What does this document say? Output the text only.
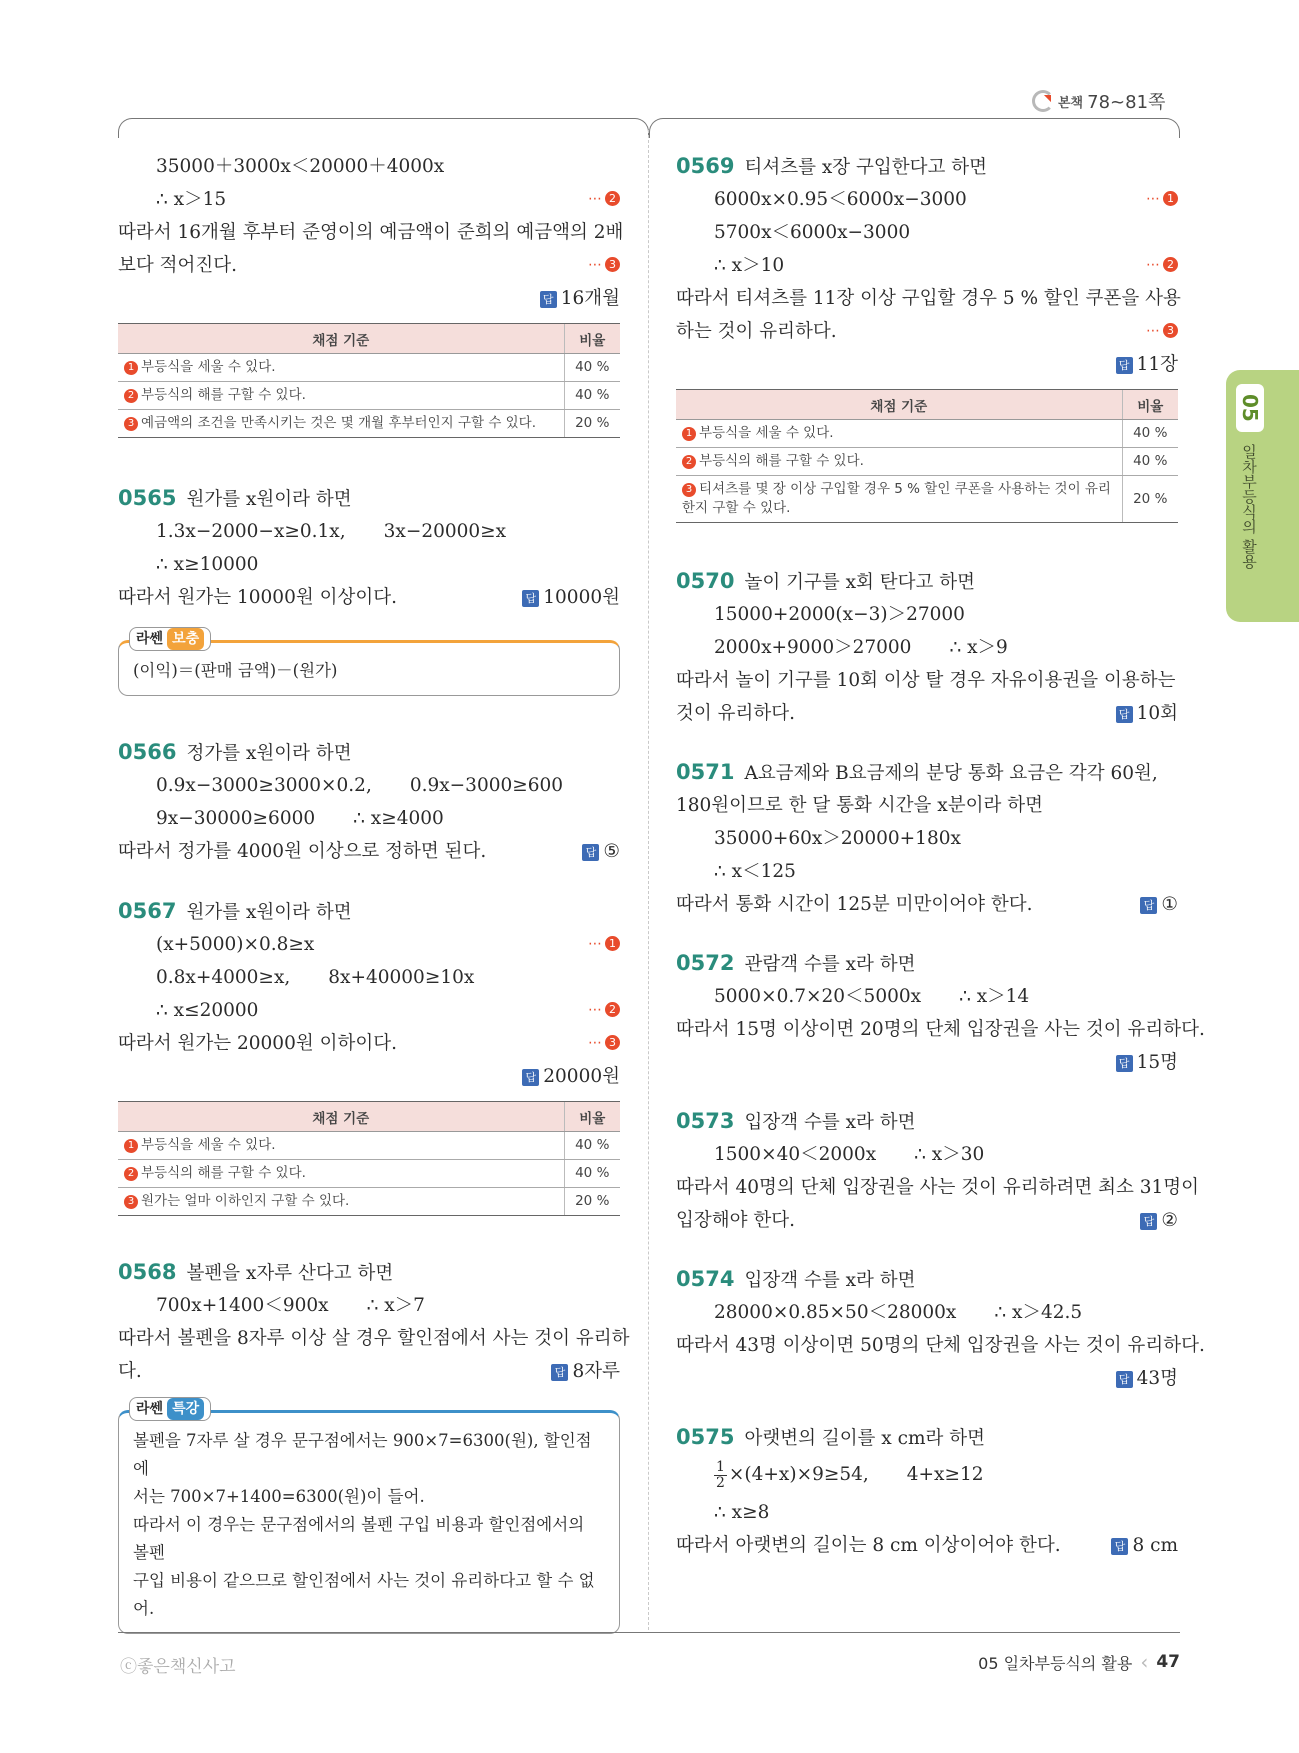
본책 78~81쪽
35000＋3000x＜20000＋4000x
∴ x＞15	⋯ 2
따라서 16개월 후부터 준영이의 예금액이 준희의 예금액의 2배
보다 적어진다.	⋯ 3
답 16개월
채점 기준	비율
1 부등식을 세울 수 있다.	40 %
2 부등식의 해를 구할 수 있다.	40 %
3 예금액의 조건을 만족시키는 것은 몇 개월 후부터인지 구할 수 있다.	20 %
0565 원가를 x원이라 하면
1.3x−2000−x≥0.1x, 3x−20000≥x
∴ x≥10000
따라서 원가는 10000원 이상이다.	답 10000원
라쎈 보충
(이익)＝(판매 금액)－(원가)
0566 정가를 x원이라 하면
0.9x−3000≥3000×0.2, 0.9x−3000≥600
9x−30000≥6000 ∴ x≥4000
따라서 정가를 4000원 이상으로 정하면 된다.	답 ⑤
0567 원가를 x원이라 하면
(x+5000)×0.8≥x	⋯ 1
0.8x+4000≥x, 8x+40000≥10x
∴ x≤20000	⋯ 2
따라서 원가는 20000원 이하이다.	⋯ 3
답 20000원
채점 기준	비율
1 부등식을 세울 수 있다.	40 %
2 부등식의 해를 구할 수 있다.	40 %
3 원가는 얼마 이하인지 구할 수 있다.	20 %
0568 볼펜을 x자루 산다고 하면
700x+1400＜900x ∴ x＞7
따라서 볼펜을 8자루 이상 살 경우 할인점에서 사는 것이 유리하
다.	답 8자루
라쎈 특강
볼펜을 7자루 살 경우 문구점에서는 900×7=6300(원), 할인점에
서는 700×7+1400=6300(원)이 들어.
따라서 이 경우는 문구점에서의 볼펜 구입 비용과 할인점에서의 볼펜
구입 비용이 같으므로 할인점에서 사는 것이 유리하다고 할 수 없어.
0569 티셔츠를 x장 구입한다고 하면
6000x×0.95＜6000x−3000	⋯ 1
5700x＜6000x−3000
∴ x＞10	⋯ 2
따라서 티셔츠를 11장 이상 구입할 경우 5 % 할인 쿠폰을 사용
하는 것이 유리하다.	⋯ 3
답 11장
채점 기준	비율
1 부등식을 세울 수 있다.	40 %
2 부등식의 해를 구할 수 있다.	40 %
3 티셔츠를 몇 장 이상 구입할 경우 5 % 할인 쿠폰을 사용하는 것이 유리한지 구할 수 있다.	20 %
0570 놀이 기구를 x회 탄다고 하면
15000+2000(x−3)＞27000
2000x+9000＞27000 ∴ x＞9
따라서 놀이 기구를 10회 이상 탈 경우 자유이용권을 이용하는
것이 유리하다.	답 10회
0571 A요금제와 B요금제의 분당 통화 요금은 각각 60원,
180원이므로 한 달 통화 시간을 x분이라 하면
35000+60x＞20000+180x
∴ x＜125
따라서 통화 시간이 125분 미만이어야 한다.	답 ①
0572 관람객 수를 x라 하면
5000×0.7×20＜5000x ∴ x＞14
따라서 15명 이상이면 20명의 단체 입장권을 사는 것이 유리하다.
답 15명
0573 입장객 수를 x라 하면
1500×40＜2000x ∴ x＞30
따라서 40명의 단체 입장권을 사는 것이 유리하려면 최소 31명이
입장해야 한다.	답 ②
0574 입장객 수를 x라 하면
28000×0.85×50＜28000x ∴ x＞42.5
따라서 43명 이상이면 50명의 단체 입장권을 사는 것이 유리하다.
답 43명
0575 아랫변의 길이를 x cm라 하면
$\frac{1}{2} \times(4+x)\times 9\ge 54$, 4+x≥12
∴ x≥8
따라서 아랫변의 길이는 8 cm 이상이어야 한다.	답 8 cm
05
일차부등식의 활용
ⓒ좋은책신사고	05 일차부등식의 활용 ‹ 47
